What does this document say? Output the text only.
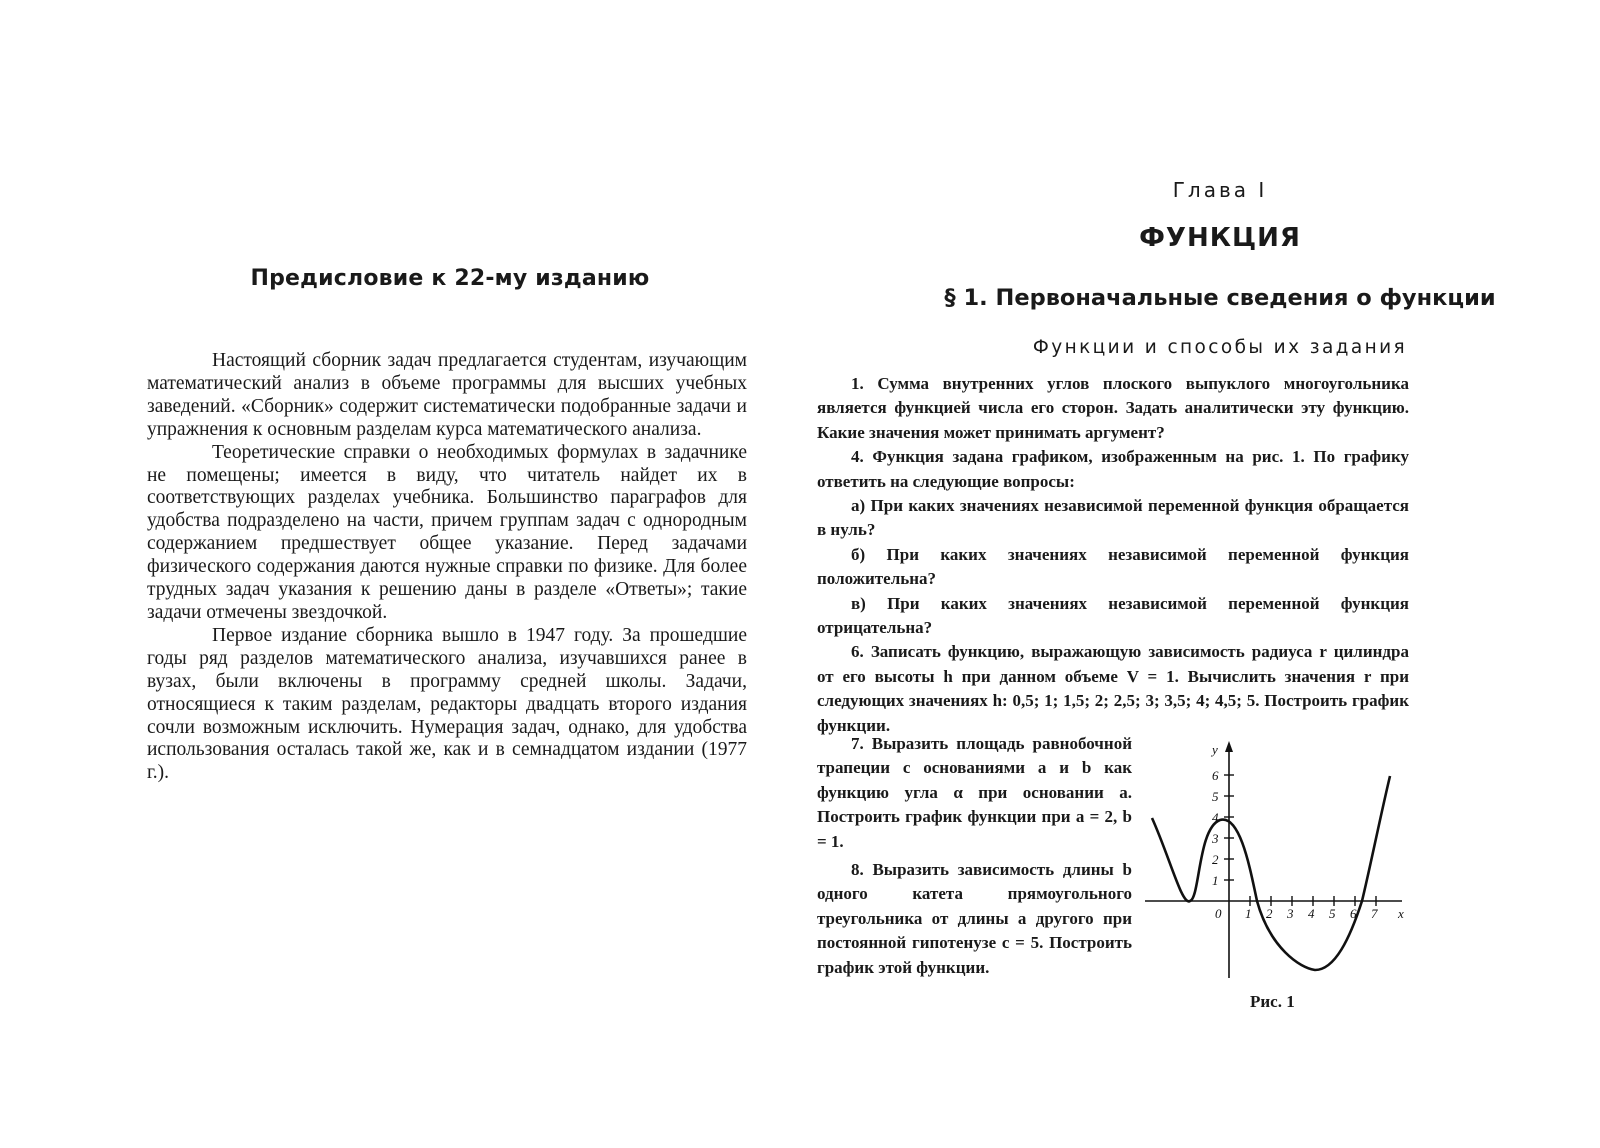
Предисловие к 22-му изданию

Настоящий сборник задач предлагается студентам, изучающим математический анализ в объеме программы для высших учебных заведений. «Сборник» содержит систематически подобранные задачи и упражнения к основным разделам курса математического анализа.

Теоретические справки о необходимых формулах в задачнике не помещены; имеется в виду, что читатель найдет их в соответствующих разделах учебника. Большинство параграфов для удобства подразделено на части, причем группам задач с однородным содержанием предшествует общее указание. Перед задачами физического содержания даются нужные справки по физике. Для более трудных задач указания к решению даны в разделе «Ответы»; такие задачи отмечены звездочкой.

Первое издание сборника вышло в 1947 году. За прошедшие годы ряд разделов математического анализа, изучавшихся ранее в вузах, были включены в программу средней школы. Задачи, относящиеся к таким разделам, редакторы двадцать второго издания сочли возможным исключить. Нумерация задач, однако, для удобства использования осталась такой же, как и в семнадцатом издании (1977 г.).

Глава I
ФУНКЦИЯ
§ 1. Первоначальные сведения о функции
Функции и способы их задания

1. Сумма внутренних углов плоского выпуклого многоугольника является функцией числа его сторон. Задать аналитически эту функцию. Какие значения может принимать аргумент?

4. Функция задана графиком, изображенным на рис. 1. По графику ответить на следующие вопросы:

а) При каких значениях независимой переменной функция обращается в нуль?

б) При каких значениях независимой переменной функция положительна?

в) При каких значениях независимой переменной функция отрицательна?

6. Записать функцию, выражающую зависимость радиуса r цилиндра от его высоты h при данном объеме V = 1. Вычислить значения r при следующих значениях h: 0,5; 1; 1,5; 2; 2,5; 3; 3,5; 4; 4,5; 5. Построить график функции.

7. Выразить площадь равнобочной трапеции с основаниями a и b как функцию угла α при основании a. Построить график функции при a = 2, b = 1.

8. Выразить зависимость длины b одного катета прямоугольного треугольника от длины a другого при постоянной гипотенузе c = 5. Построить график этой функции.

0 1 2 3 4 5 6 7 x
1
2
3
4
5
6
y
Рис. 1
